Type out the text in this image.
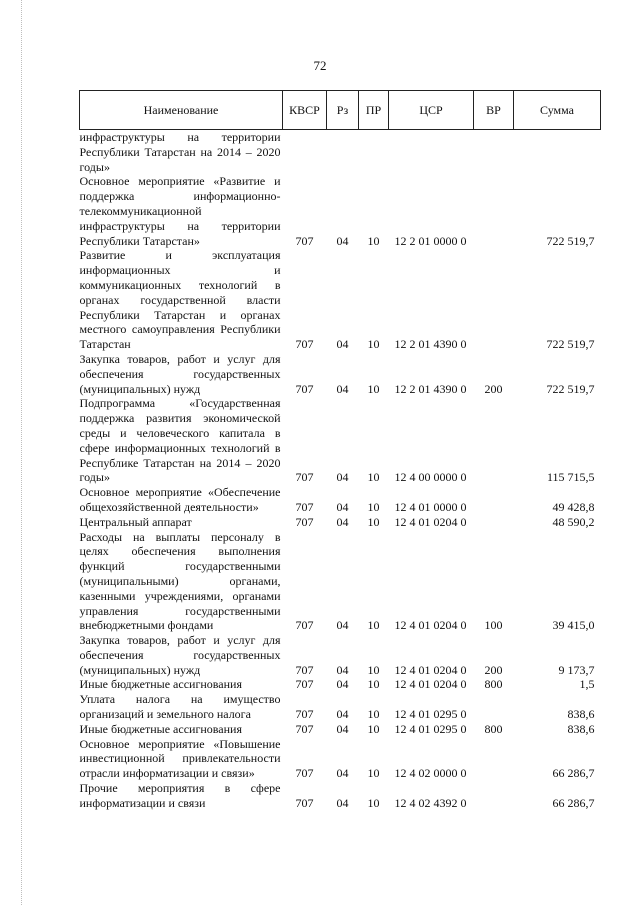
72
Наименование	КВСР	Рз	ПР	ЦСР	ВР	Сумма

инфраструктуры на территории Республики Татарстан на 2014 – 2020 годы»						

Основное мероприятие «Развитие и поддержка информационно-телекоммуникационной инфраструктуры на территории Республики Татарстан»	707	04	10	12 2 01 0000 0		722 519,7

Развитие и эксплуатация информационных и коммуникационных технологий в органах государственной власти Республики Татарстан и органах местного самоуправления Республики Татарстан	707	04	10	12 2 01 4390 0		722 519,7

Закупка товаров, работ и услуг для обеспечения государственных (муниципальных) нужд	707	04	10	12 2 01 4390 0	200	722 519,7

Подпрограмма «Государственная поддержка развития экономической среды и человеческого капитала в сфере информационных технологий в Республике Татарстан на 2014 – 2020 годы»	707	04	10	12 4 00 0000 0		115 715,5

Основное мероприятие «Обеспечение общехозяйственной деятельности»	707	04	10	12 4 01 0000 0		49 428,8

Центральный аппарат	707	04	10	12 4 01 0204 0		48 590,2

Расходы на выплаты персоналу в целях обеспечения выполнения функций государственными (муниципальными) органами, казенными учреждениями, органами управления государственными внебюджетными фондами	707	04	10	12 4 01 0204 0	100	39 415,0

Закупка товаров, работ и услуг для обеспечения государственных (муниципальных) нужд	707	04	10	12 4 01 0204 0	200	9 173,7

Иные бюджетные ассигнования	707	04	10	12 4 01 0204 0	800	1,5

Уплата налога на имущество организаций и земельного налога	707	04	10	12 4 01 0295 0		838,6

Иные бюджетные ассигнования	707	04	10	12 4 01 0295 0	800	838,6

Основное мероприятие «Повышение инвестиционной привлекательности отрасли информатизации и связи»	707	04	10	12 4 02 0000 0		66 286,7

Прочие мероприятия в сфере информатизации и связи	707	04	10	12 4 02 4392 0		66 286,7
